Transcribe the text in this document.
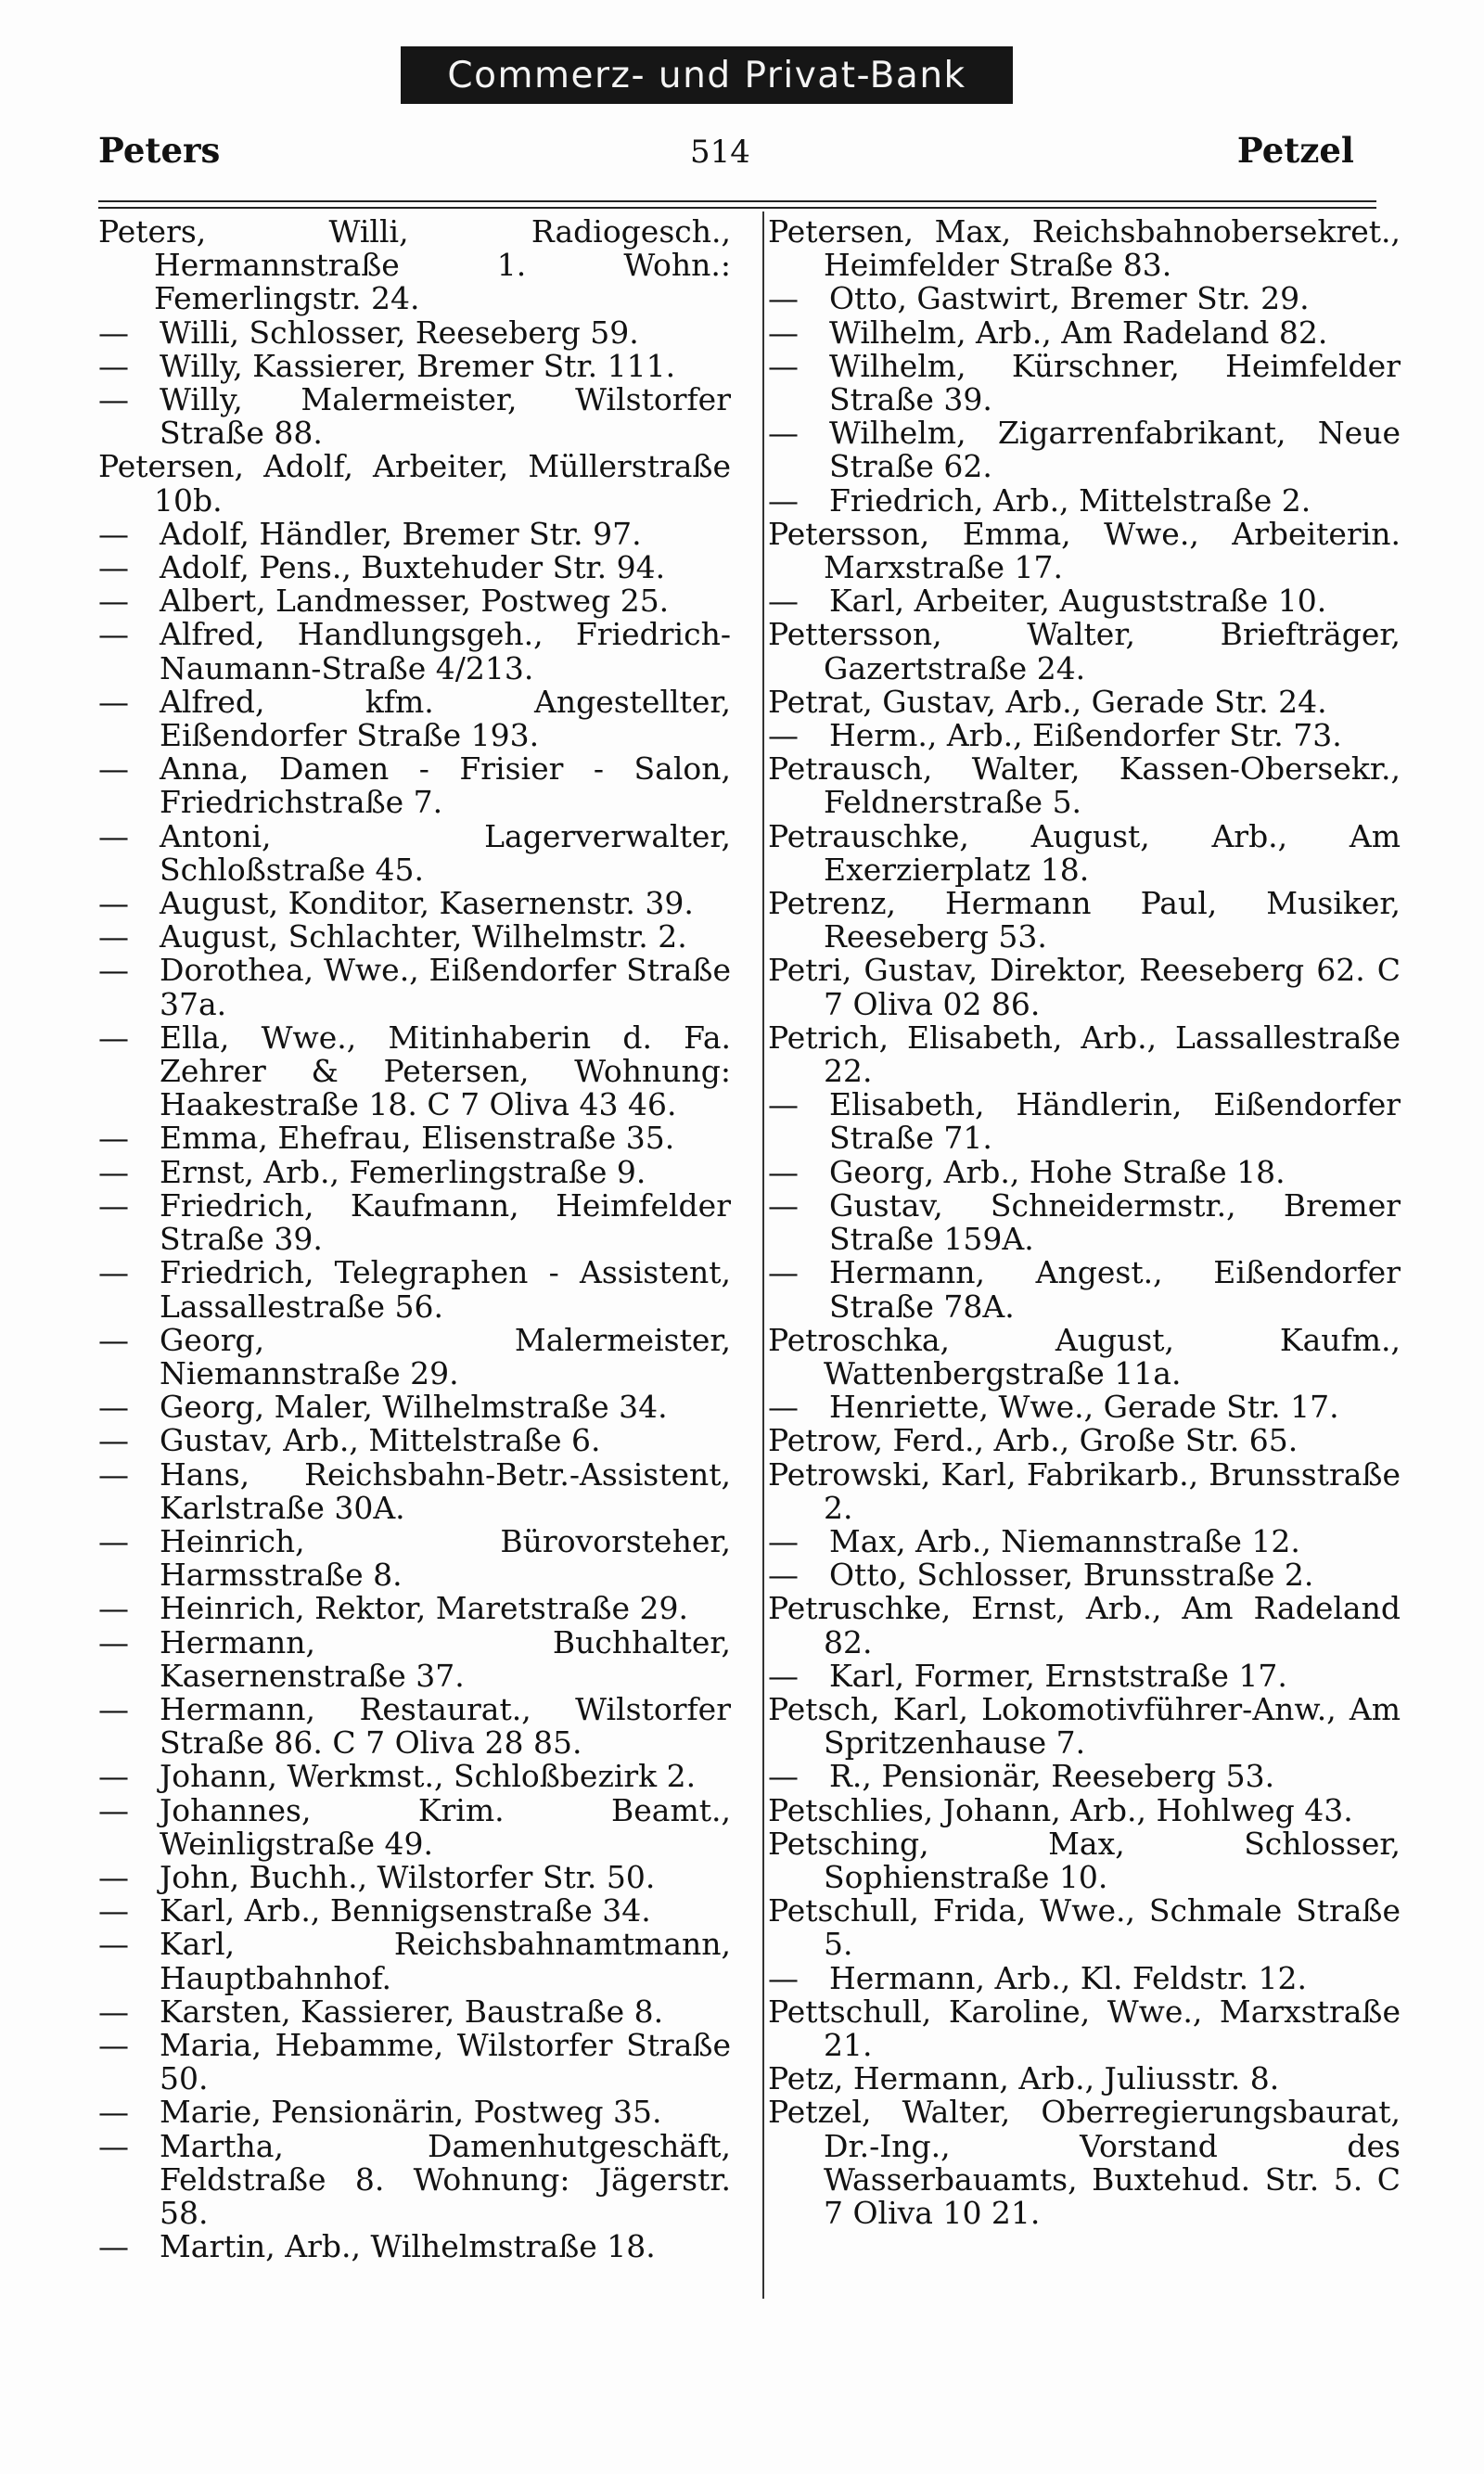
Commerz- und Privat-Bank
Peters	514	Petzel
Peters, Willi, Radiogesch., Hermannstraße 1. Wohn.: Femerlingstr. 24.
—Willi, Schlosser, Reeseberg 59.
—Willy, Kassierer, Bremer Str. 111.
—Willy, Malermeister, Wilstorfer Straße 88.
Petersen, Adolf, Arbeiter, Müllerstraße 10b.
—Adolf, Händler, Bremer Str. 97.
—Adolf, Pens., Buxtehuder Str. 94.
—Albert, Landmesser, Postweg 25.
—Alfred, Handlungsgeh., Friedrich-Naumann-Straße 4/213.
—Alfred, kfm. Angestellter, Eißendorfer Straße 193.
—Anna, Damen - Frisier - Salon, Friedrichstraße 7.
—Antoni, Lagerverwalter, Schloßstraße 45.
—August, Konditor, Kasernenstr. 39.
—August, Schlachter, Wilhelmstr. 2.
—Dorothea, Wwe., Eißendorfer Straße 37a.
—Ella, Wwe., Mitinhaberin d. Fa. Zehrer & Petersen, Wohnung: Haakestraße 18. C 7 Oliva 43 46.
—Emma, Ehefrau, Elisenstraße 35.
—Ernst, Arb., Femerlingstraße 9.
—Friedrich, Kaufmann, Heimfelder Straße 39.
—Friedrich, Telegraphen - Assistent, Lassallestraße 56.
—Georg, Malermeister, Niemannstraße 29.
—Georg, Maler, Wilhelmstraße 34.
—Gustav, Arb., Mittelstraße 6.
—Hans, Reichsbahn-Betr.-Assistent, Karlstraße 30A.
—Heinrich, Bürovorsteher, Harmsstraße 8.
—Heinrich, Rektor, Maretstraße 29.
—Hermann, Buchhalter, Kasernenstraße 37.
—Hermann, Restaurat., Wilstorfer Straße 86. C 7 Oliva 28 85.
—Johann, Werkmst., Schloßbezirk 2.
—Johannes, Krim. Beamt., Weinligstraße 49.
—John, Buchh., Wilstorfer Str. 50.
—Karl, Arb., Bennigsenstraße 34.
—Karl, Reichsbahnamtmann, Hauptbahnhof.
—Karsten, Kassierer, Baustraße 8.
—Maria, Hebamme, Wilstorfer Straße 50.
—Marie, Pensionärin, Postweg 35.
—Martha, Damenhutgeschäft, Feldstraße 8. Wohnung: Jägerstr. 58.
—Martin, Arb., Wilhelmstraße 18.
Petersen, Max, Reichsbahnobersekret., Heimfelder Straße 83.
—Otto, Gastwirt, Bremer Str. 29.
—Wilhelm, Arb., Am Radeland 82.
—Wilhelm, Kürschner, Heimfelder Straße 39.
—Wilhelm, Zigarrenfabrikant, Neue Straße 62.
—Friedrich, Arb., Mittelstraße 2.
Petersson, Emma, Wwe., Arbeiterin. Marxstraße 17.
—Karl, Arbeiter, Auguststraße 10.
Pettersson, Walter, Briefträger, Gazertstraße 24.
Petrat, Gustav, Arb., Gerade Str. 24.
—Herm., Arb., Eißendorfer Str. 73.
Petrausch, Walter, Kassen-Obersekr., Feldnerstraße 5.
Petrauschke, August, Arb., Am Exerzierplatz 18.
Petrenz, Hermann Paul, Musiker, Reeseberg 53.
Petri, Gustav, Direktor, Reeseberg 62. C 7 Oliva 02 86.
Petrich, Elisabeth, Arb., Lassallestraße 22.
—Elisabeth, Händlerin, Eißendorfer Straße 71.
—Georg, Arb., Hohe Straße 18.
—Gustav, Schneidermstr., Bremer Straße 159A.
—Hermann, Angest., Eißendorfer Straße 78A.
Petroschka, August, Kaufm., Wattenbergstraße 11a.
—Henriette, Wwe., Gerade Str. 17.
Petrow, Ferd., Arb., Große Str. 65.
Petrowski, Karl, Fabrikarb., Brunsstraße 2.
—Max, Arb., Niemannstraße 12.
—Otto, Schlosser, Brunsstraße 2.
Petruschke, Ernst, Arb., Am Radeland 82.
—Karl, Former, Ernststraße 17.
Petsch, Karl, Lokomotivführer-Anw., Am Spritzenhause 7.
—R., Pensionär, Reeseberg 53.
Petschlies, Johann, Arb., Hohlweg 43.
Petsching, Max, Schlosser, Sophienstraße 10.
Petschull, Frida, Wwe., Schmale Straße 5.
—Hermann, Arb., Kl. Feldstr. 12.
Pettschull, Karoline, Wwe., Marxstraße 21.
Petz, Hermann, Arb., Juliusstr. 8.
Petzel, Walter, Oberregierungsbaurat, Dr.-Ing., Vorstand des Wasserbauamts, Buxtehud. Str. 5. C 7 Oliva 10 21.
